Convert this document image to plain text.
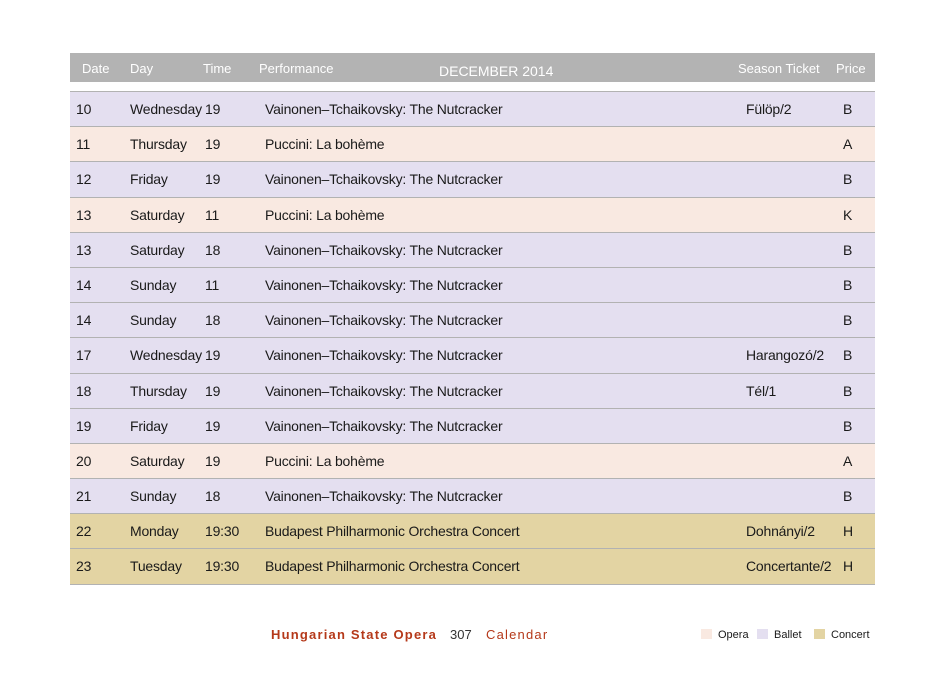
Date Day	Time Performance	DECEMBER 2014	Season Ticket Price
10	Wednesday 19	Vainonen–Tchaikovsky: The Nutcracker	Fülöp/2	B
11	Thursday 19	Puccini: La bohème	A
12	Friday	19	Vainonen–Tchaikovsky: The Nutcracker	B
13	Saturday 11	Puccini: La bohème	K
13	Saturday 18	Vainonen–Tchaikovsky: The Nutcracker	B
14	Sunday 11	Vainonen–Tchaikovsky: The Nutcracker	B
14	Sunday 18	Vainonen–Tchaikovsky: The Nutcracker	B
17	Wednesday 19	Vainonen–Tchaikovsky: The Nutcracker	Harangozó/2 B
18	Thursday 19	Vainonen–Tchaikovsky: The Nutcracker	Tél/1	B
19	Friday	19	Vainonen–Tchaikovsky: The Nutcracker	B
20	Saturday 19	Puccini: La bohème	A
21	Sunday 18	Vainonen–Tchaikovsky: The Nutcracker	B
22	Monday 19:30 Budapest Philharmonic Orchestra Concert	Dohnányi/2 H
23	Tuesday 19:30 Budapest Philharmonic Orchestra Concert	Concertante/2 H
Hungarian State Opera 307 Calendar	Opera	Ballet	Concert
